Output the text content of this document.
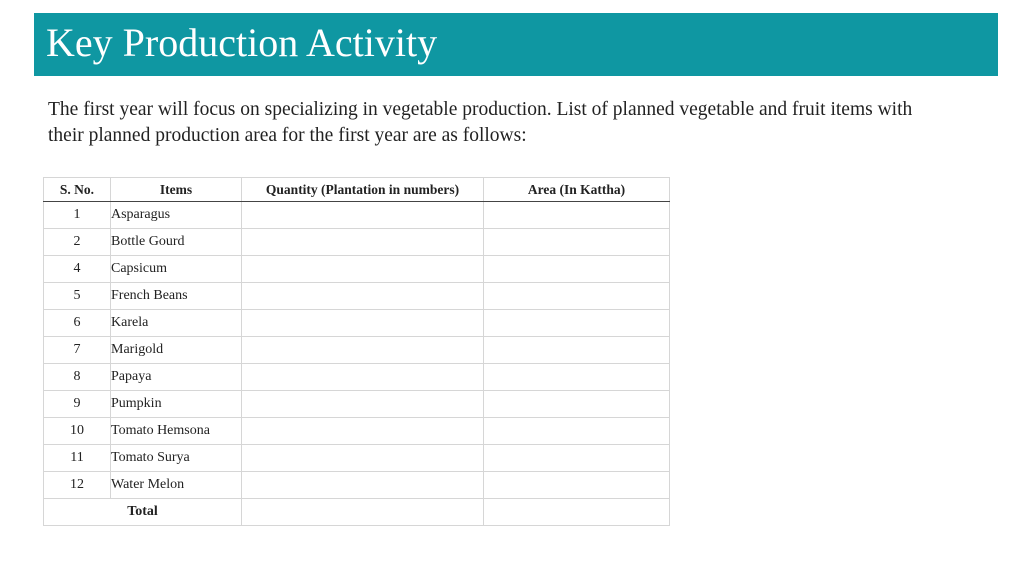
Key Production Activity
The first year will focus on specializing in vegetable production. List of planned vegetable and fruit items with their planned production area for the first year are as follows:
S. No.	Items	Quantity (Plantation in numbers)	Area (In Kattha)
1	Asparagus		
2	Bottle Gourd		
4	Capsicum		
5	French Beans		
6	Karela		
7	Marigold		
8	Papaya		
9	Pumpkin		
10	Tomato Hemsona		
11	Tomato Surya		
12	Water Melon		
Total			
